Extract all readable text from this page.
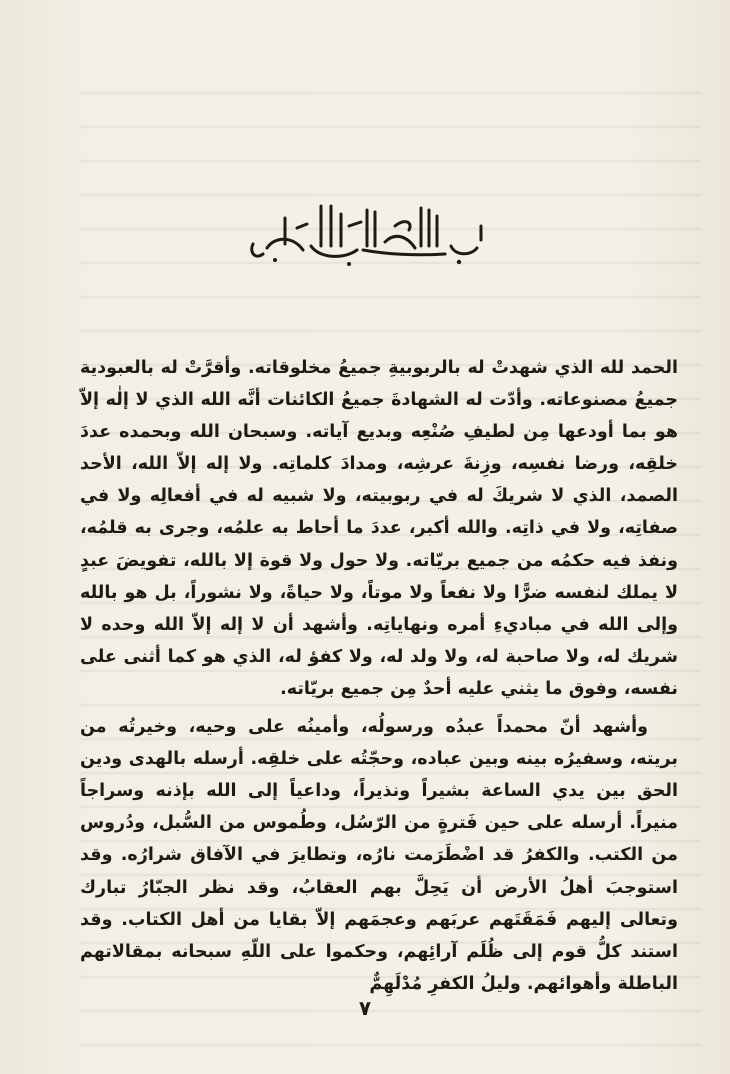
الحمد لله الذي شهدتْ له بالربوبيةِ جميعُ مخلوقاته. وأقرَّتْ له بالعبودية جميعُ مصنوعاته. وأدّت له الشهادةَ جميعُ الكائنات أنَّه الله الذي لا إلٰه إلاّ هو بما أودعها مِن لطيفِ صُنْعِه وبديع آياته. وسبحان الله وبحمده عددَ خلقِه، ورضا نفسِه، وزِنةَ عرشِه، ومدادَ كلماتِه. ولا إله إلاّ الله، الأحد الصمد، الذي لا شريكَ له في ربوبيته، ولا شبيه له في أفعالِه ولا في صفاتِه، ولا في ذاتِه. والله أكبر، عددَ ما أحاط به علمُه، وجرى به قلمُه، ونفذ فيه حكمُه من جميع بريّاته. ولا حول ولا قوة إلا بالله، تفويضَ عبدٍ لا يملك لنفسه ضرًّا ولا نفعاً ولا موتاً، ولا حياةً، ولا نشوراً، بل هو بالله وإلى الله في مباديءِ أمره ونهاياتِه. وأشهد أن لا إله إلاّ الله وحده لا شريك له، ولا صاحبة له، ولا ولد له، ولا كفؤ له، الذي هو كما أثنى على نفسه، وفوق ما يثني عليه أحدٌ مِن جميع بريّاته.

وأشهد أنّ محمداً عبدُه ورسولُه، وأمينُه على وحيه، وخيرتُه من بريته، وسفيرُه بينه وبين عباده، وحجّتُه على خلقِه. أرسله بالهدى ودين الحق بين يدي الساعة بشيراً ونذيراً، وداعياً إلى الله بإذنه وسراجاً منيراً. أرسله على حين فَترةٍ من الرّسُل، وطُموس من السُّبل، ودُروس من الكتب. والكفرُ قد اضْطَرَمت نارُه، وتطايرَ في الآفاق شرارُه. وقد استوجبَ أهلُ الأرض أن يَحِلَّ بهم العقابُ، وقد نظر الجبّارُ تبارك وتعالى إليهم فَمَقَتَهم عربَهم وعجمَهم إلاّ بقايا من أهل الكتاب. وقد استند كلُّ قوم إلى ظُلَم آرائِهم، وحكموا على اللّهِ سبحانه بمقالاتهم الباطلة وأهوائهم. وليلُ الكفرِ مُدْلَهِمٌّ

٧
